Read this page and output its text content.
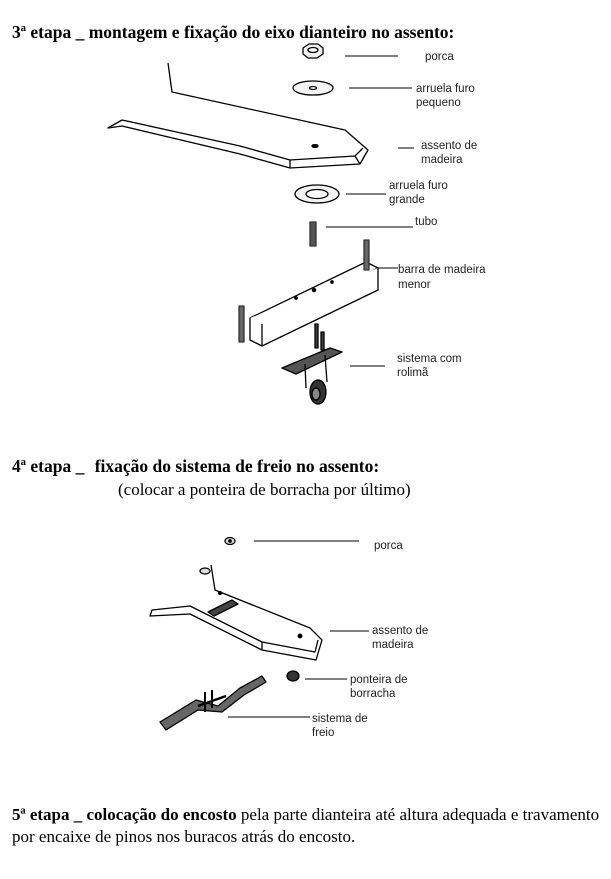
3ª etapa _ montagem e fixação do eixo dianteiro no assento:
porca
arruela furo
pequeno
assento de
madeira
arruela furo
grande
tubo
barra de madeira
menor
sistema com
rolimã
4ª etapa _ fixação do sistema de freio no assento:
(colocar a ponteira de borracha por último)
porca
assento de
madeira
ponteira de
borracha
sistema de
freio
5ª etapa _ colocação do encosto pela parte dianteira até altura adequada e travamento por encaixe de pinos nos buracos atrás do encosto.
